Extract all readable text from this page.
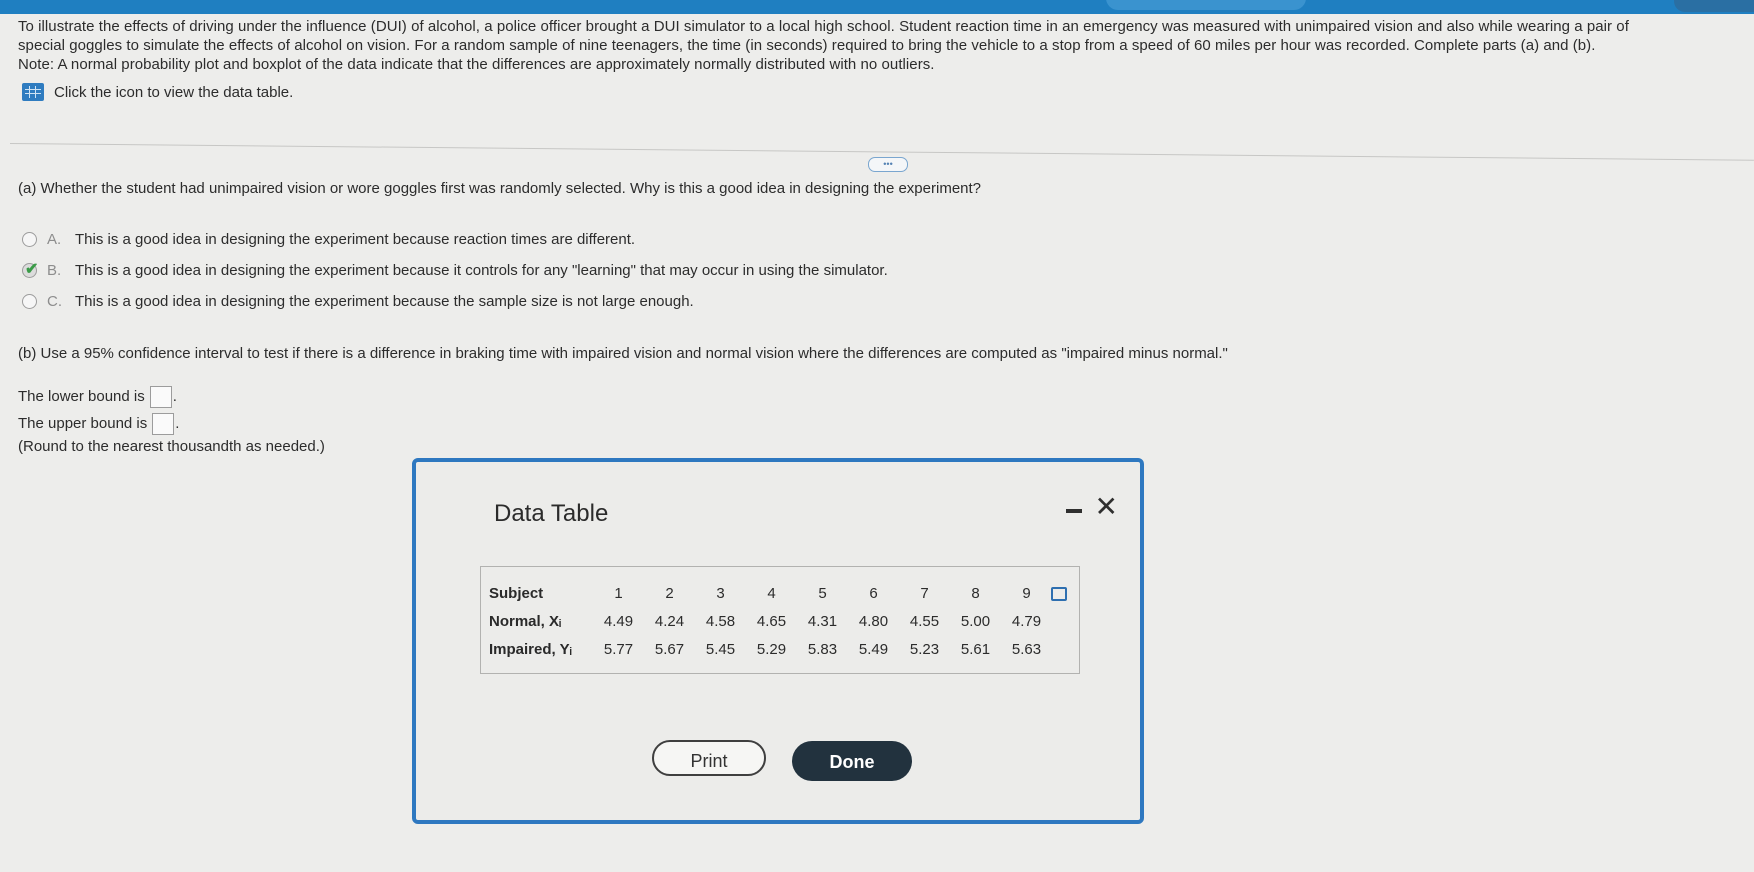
To illustrate the effects of driving under the influence (DUI) of alcohol, a police officer brought a DUI simulator to a local high school. Student reaction time in an emergency was measured with unimpaired vision and also while wearing a pair of

special goggles to simulate the effects of alcohol on vision. For a random sample of nine teenagers, the time (in seconds) required to bring the vehicle to a stop from a speed of 60 miles per hour was recorded. Complete parts (a) and (b).

Note: A normal probability plot and boxplot of the data indicate that the differences are approximately normally distributed with no outliers.

Click the icon to view the data table.
•••
(a) Whether the student had unimpaired vision or wore goggles first was randomly selected. Why is this a good idea in designing the experiment?
A. This is a good idea in designing the experiment because reaction times are different.
✔ B. This is a good idea in designing the experiment because it controls for any "learning" that may occur in using the simulator.
C. This is a good idea in designing the experiment because the sample size is not large enough.
(b) Use a 95% confidence interval to test if there is a difference in braking time with impaired vision and normal vision where the differences are computed as "impaired minus normal."
The lower bound is .
The upper bound is .
(Round to the nearest thousandth as needed.)
Data Table	✕
Subject	1	2	3	4	5	6	7	8	9
Normal, Xᵢ	4.49	4.24	4.58	4.65	4.31	4.80	4.55	5.00	4.79
Impaired, Yᵢ	5.77	5.67	5.45	5.29	5.83	5.49	5.23	5.61	5.63
Print	Done
